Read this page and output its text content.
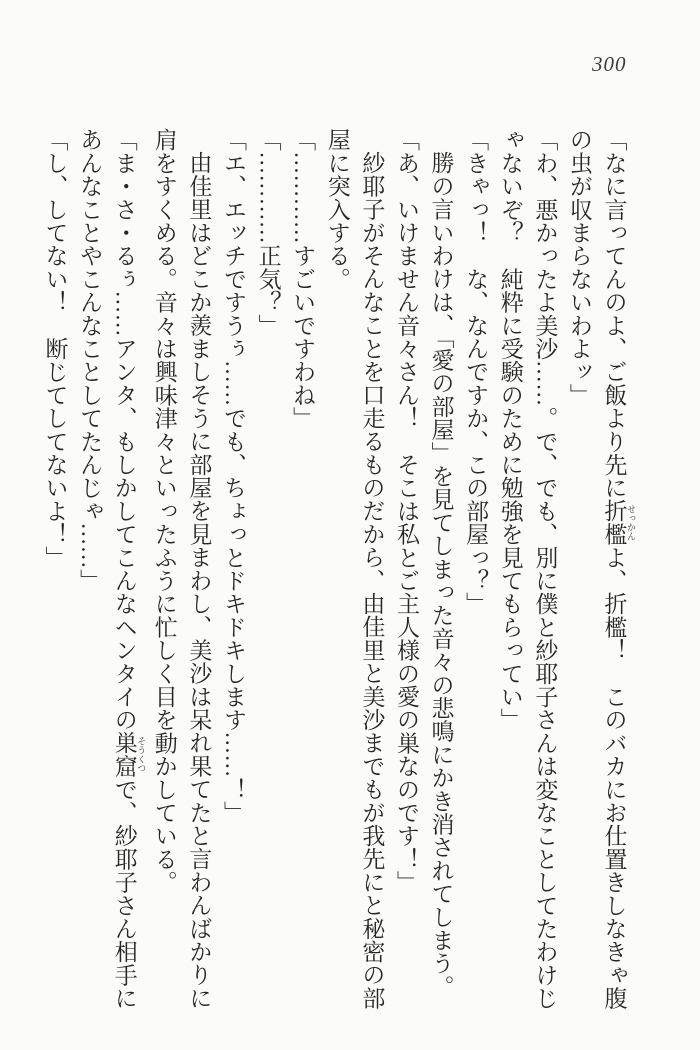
300

「なに言ってんのよ、ご飯より先に折檻 せっかんよ、折檻！　このバカにお仕置きしなきゃ腹

の虫が収まらないわよッ」

「わ、悪かったよ美沙……。で、でも、別に僕と紗耶子さんは変なことしてたわけじ

ゃないぞ？　純粋に受験のために勉強を見てもらってい」

「きゃっ！　な、なんですか、この部屋っ？」

勝の言いわけは、「愛の部屋」を見てしまった音々の悲鳴にかき消されてしまう。

「あ、いけません音々さん！　そこは私とご主人様の愛の巣なのです！」

紗耶子がそんなことを口走るものだから、由佳里と美沙までもが我先にと秘密の部

屋に突入する。

「…………すごいですわね」

「…………正気？」

「エ、エッチですうぅ……でも、ちょっとドキドキします……！」

由佳里はどこか羨ましそうに部屋を見まわし、美沙は呆れ果てたと言わんばかりに

肩をすくめる。音々は興味津々といったふうに忙しく目を動かしている。

「ま・さ・るぅ……アンタ、もしかしてこんなヘンタイの巣窟 そうくつで、紗耶子さん相手に

あんなことやこんなことしてたんじゃ……」

「し、してない！　断じてしてないよ！」
